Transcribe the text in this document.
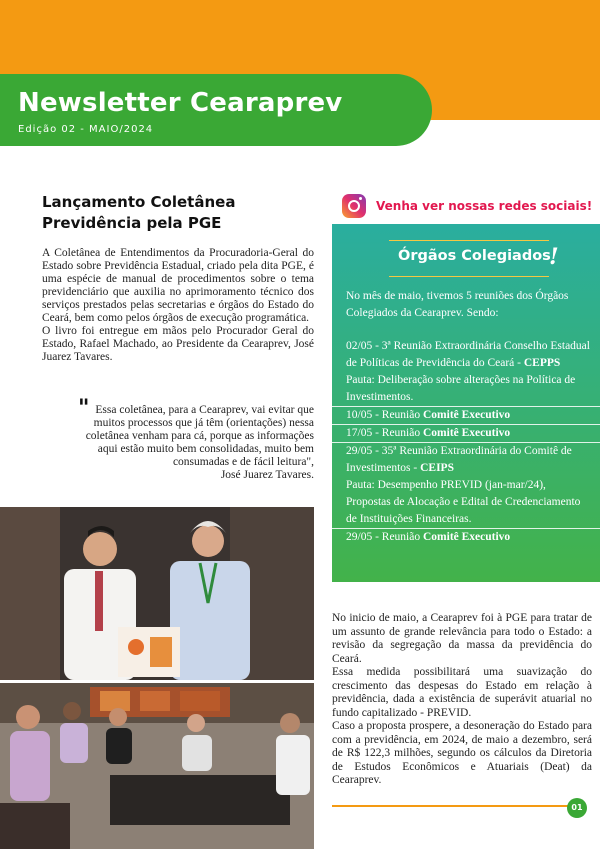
Newsletter Cearaprev
Edição 02 - MAIO/2024
Lançamento Coletânea
Previdência pela PGE

A Coletânea de Entendimentos da Procuradoria-Geral do Estado sobre Previdência Estadual, criado pela dita PGE, é uma espécie de manual de procedimentos sobre o tema previdenciário que auxilia no aprimoramento técnico dos serviços prestados pelas secretarias e órgãos do Estado do Ceará, bem como pelos órgãos de execução programática.

O livro foi entregue em mãos pelo Procurador Geral do Estado, Rafael Machado, ao Presidente da Cearaprev, José Juarez Tavares.

" Essa coletânea, para a Cearaprev, vai evitar que muitos processos que já têm (orientações) nessa coletânea venham para cá, porque as informações aqui estão muito bem consolidadas, muito bem consumadas e de fácil leitura",
José Juarez Tavares.
Venha ver nossas redes sociais!
Órgãos Colegiados
!
No mês de maio, tivemos 5 reuniões dos Órgãos Colegiados da Cearaprev. Sendo:
02/05 - 3ª Reunião Extraordinária Conselho Estadual de Políticas de Previdência do Ceará - CEPPS
Pauta: Deliberação sobre alterações na Política de Investimentos.
10/05 - Reunião Comitê Executivo
17/05 - Reunião Comitê Executivo
29/05 - 35ª Reunião Extraordinária do Comitê de Investimentos - CEIPS
Pauta: Desempenho PREVID (jan-mar/24), Propostas de Alocação e Edital de Credenciamento de Instituições Financeiras.
29/05 - Reunião Comitê Executivo

No inicio de maio, a Cearaprev foi à PGE para tratar de um assunto de grande relevância para todo o Estado: a revisão da segregação da massa da previdência do Ceará.

Essa medida possibilitará uma suavização do crescimento das despesas do Estado em relação à previdência, dada a existência de superávit atuarial no fundo capitalizado - PREVID.

Caso a proposta prospere, a desoneração do Estado para com a previdência, em 2024, de maio a dezembro, será de R$ 122,3 milhões, segundo os cálculos da Diretoria de Estudos Econômicos e Atuariais (Deat) da Cearaprev.

01
